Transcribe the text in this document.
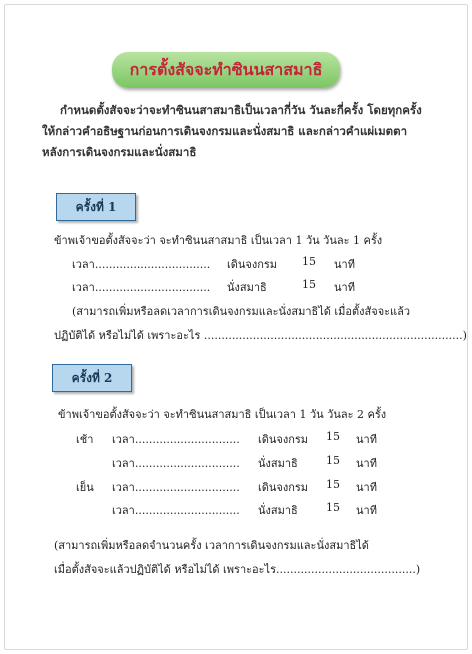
การตั้งสัจจะทำซินนสาสมาธิ
กำหนดตั้งสัจจะว่าจะทำซินนสาสมาธิเป็นเวลากี่วัน วันละกี่ครั้ง โดยทุกครั้ง
ให้กล่าวคำอธิษฐานก่อนการเดินจงกรมและนั่งสมาธิ และกล่าวคำแผ่เมตตา
หลังการเดินจงกรมและนั่งสมาธิ
ครั้งที่ 1
ข้าพเจ้าขอตั้งสัจจะว่า จะทำซินนสาสมาธิ เป็นเวลา 1 วัน วันละ 1 ครั้ง
เวลา................................. เดินจงกรม 15 นาที
เวลา................................. นั่งสมาธิ	15 นาที
(สามารถเพิ่มหรือลดเวลาการเดินจงกรมและนั่งสมาธิได้ เมื่อตั้งสัจจะแล้ว
ปฏิบัติได้ หรือไม่ได้ เพราะอะไร ..........................................................................)
ครั้งที่ 2
ข้าพเจ้าขอตั้งสัจจะว่า จะทำซินนสาสมาธิ เป็นเวลา 1 วัน วันละ 2 ครั้ง
เช้า เวลา.............................. เดินจงกรม 15 นาที
เวลา.............................. นั่งสมาธิ	15 นาที
เย็น เวลา.............................. เดินจงกรม 15 นาที
เวลา.............................. นั่งสมาธิ	15 นาที
(สามารถเพิ่มหรือลดจำนวนครั้ง เวลาการเดินจงกรมและนั่งสมาธิได้
เมื่อตั้งสัจจะแล้วปฏิบัติได้ หรือไม่ได้ เพราะอะไร........................................)
